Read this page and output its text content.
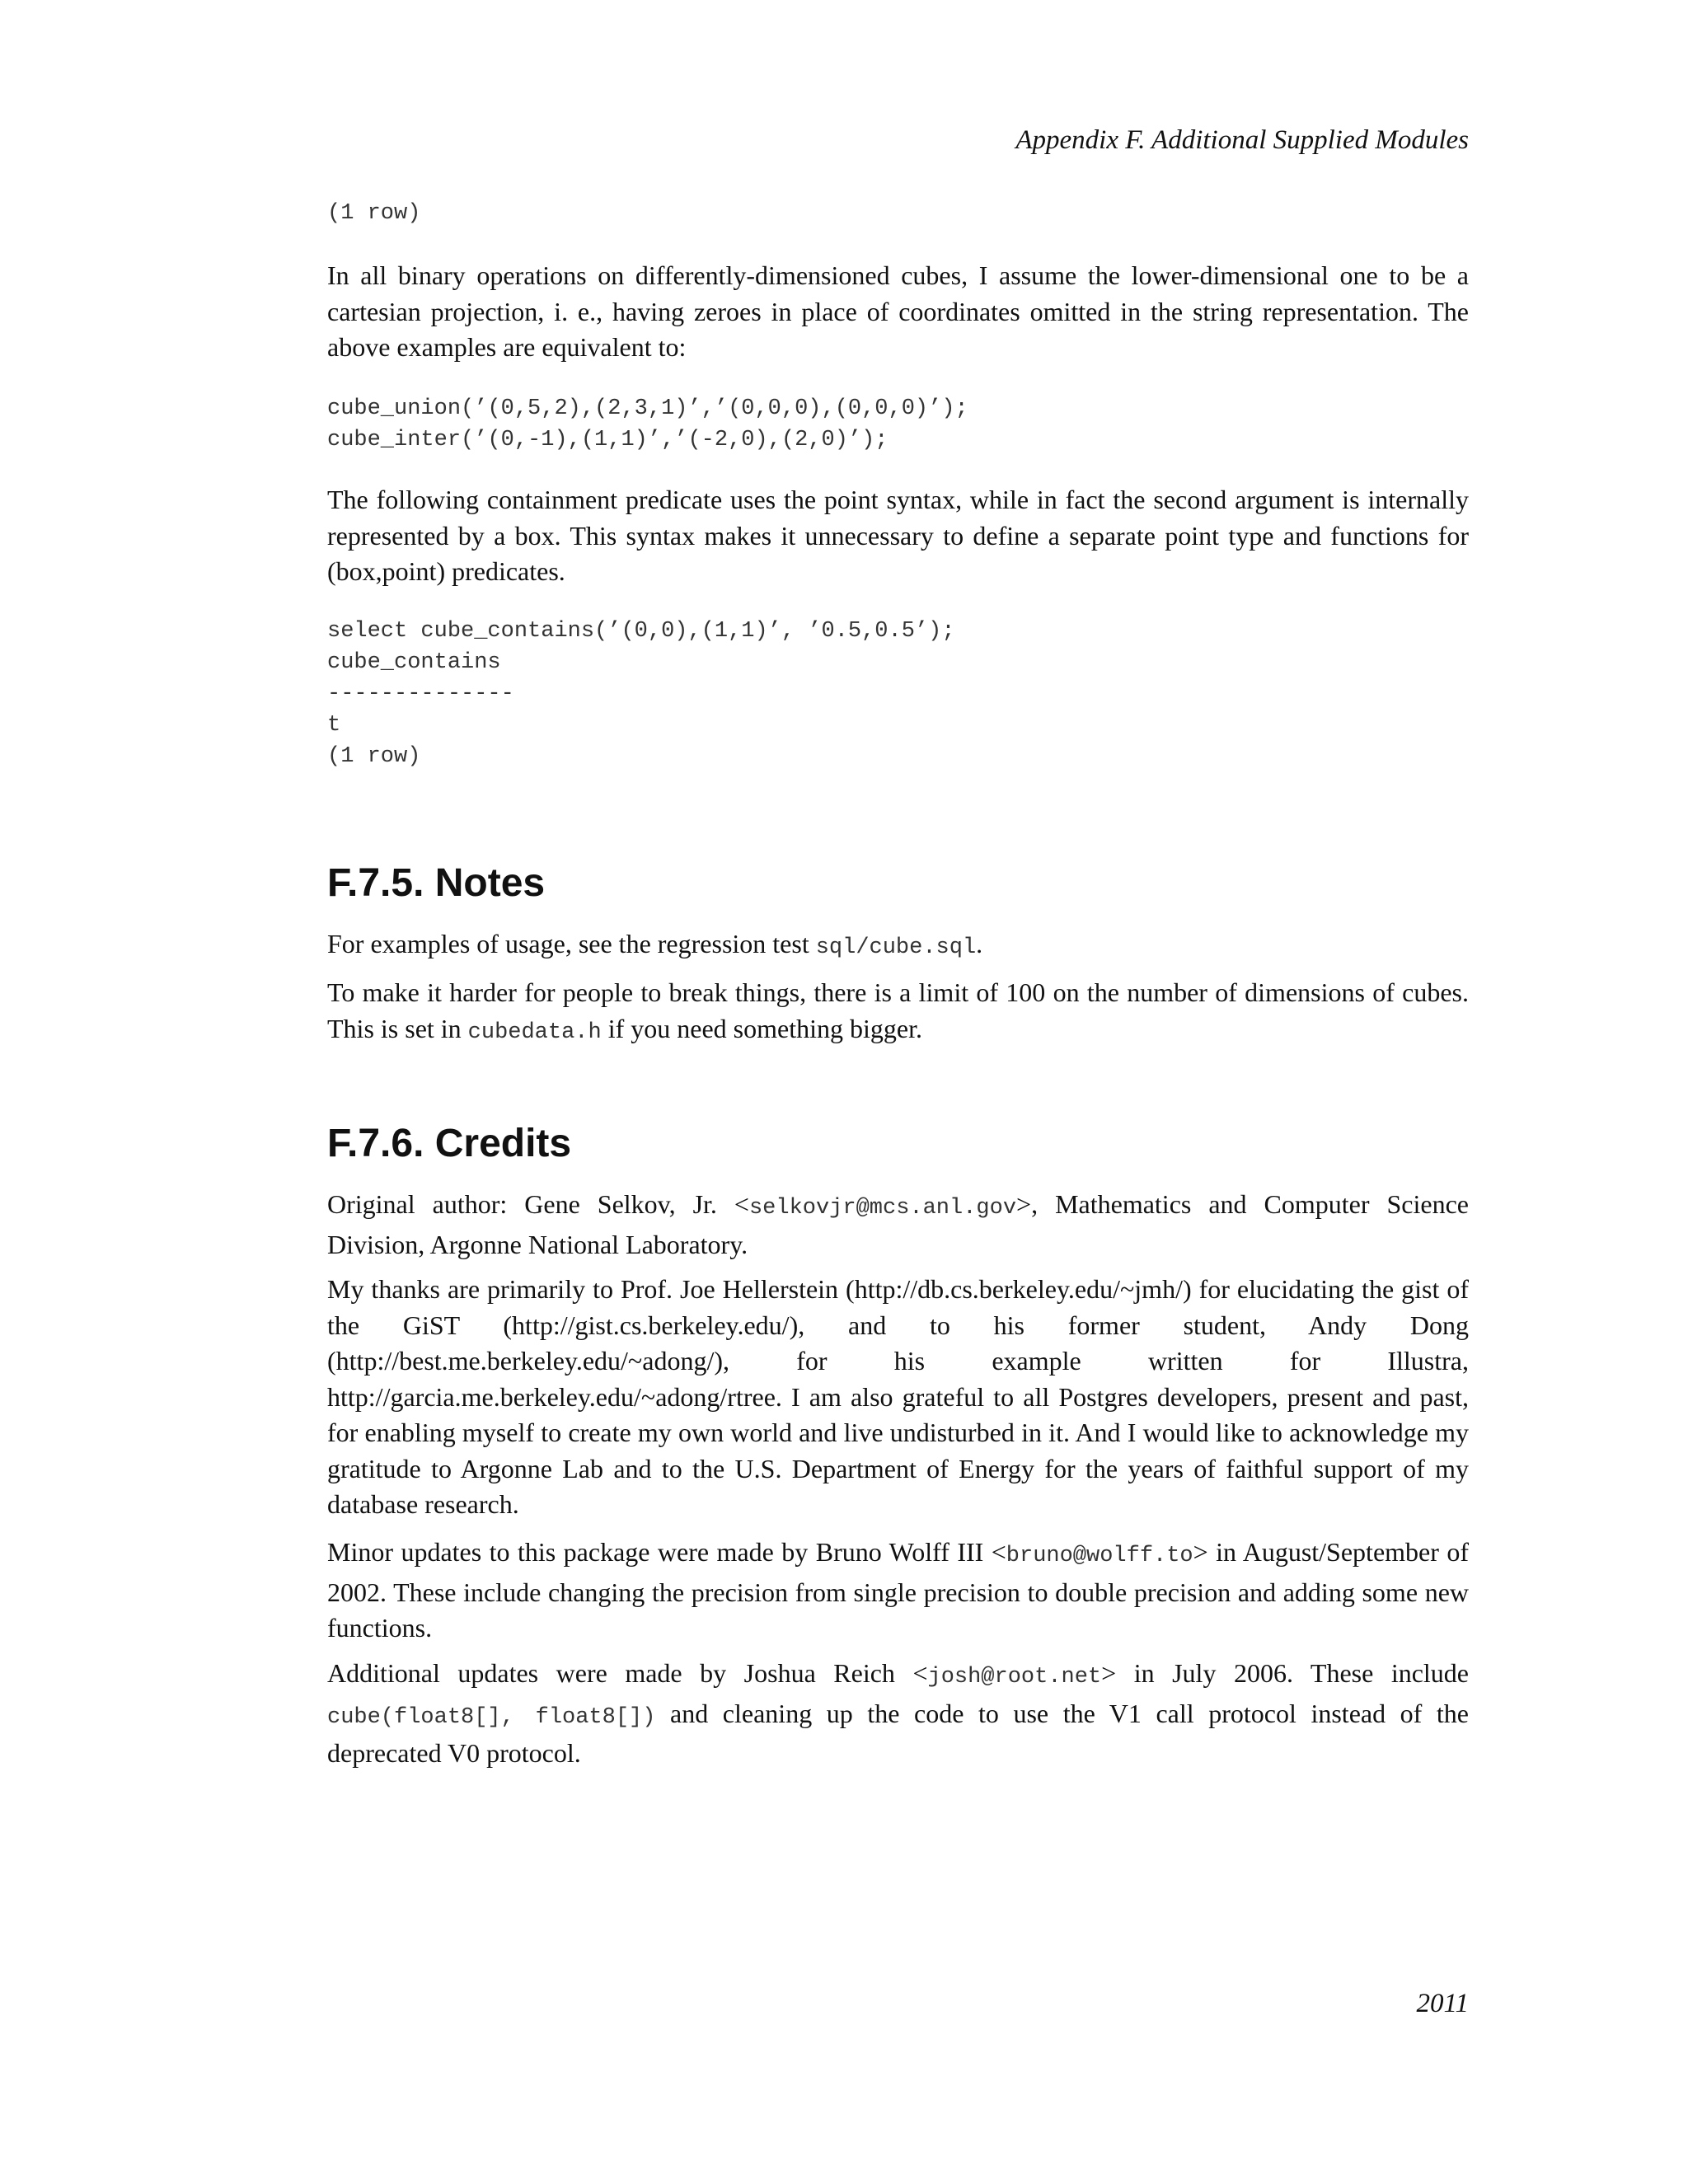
Appendix F. Additional Supplied Modules
(1 row)

In all binary operations on differently-dimensioned cubes, I assume the lower-dimensional one to be a cartesian projection, i. e., having zeroes in place of coordinates omitted in the string representation. The above examples are equivalent to:

cube_union(’(0,5,2),(2,3,1)’,’(0,0,0),(0,0,0)’);
cube_inter(’(0,-1),(1,1)’,’(-2,0),(2,0)’);

The following containment predicate uses the point syntax, while in fact the second argument is internally represented by a box. This syntax makes it unnecessary to define a separate point type and functions for (box,point) predicates.

select cube_contains(’(0,0),(1,1)’, ’0.5,0.5’);
cube_contains
--------------
t
(1 row)
F.7.5. Notes

For examples of usage, see the regression test sql/cube.sql.

To make it harder for people to break things, there is a limit of 100 on the number of dimensions of cubes. This is set in cubedata.h if you need something bigger.

F.7.6. Credits

Original author: Gene Selkov, Jr. <selkovjr@mcs.anl.gov>, Mathematics and Computer Science Division, Argonne National Laboratory.

My thanks are primarily to Prof. Joe Hellerstein (http://db.cs.berkeley.edu/~jmh/) for elucidating the gist of the GiST (http://gist.cs.berkeley.edu/), and to his former student, Andy Dong (http://best.me.berkeley.edu/~adong/), for his example written for Illustra, http://garcia.me.berkeley.edu/~adong/rtree. I am also grateful to all Postgres developers, present and past, for enabling myself to create my own world and live undisturbed in it. And I would like to acknowledge my gratitude to Argonne Lab and to the U.S. Department of Energy for the years of faithful support of my database research.

Minor updates to this package were made by Bruno Wolff III <bruno@wolff.to> in August/September of 2002. These include changing the precision from single precision to double precision and adding some new functions.

Additional updates were made by Joshua Reich <josh@root.net> in July 2006. These include cube(float8[], float8[]) and cleaning up the code to use the V1 call protocol instead of the deprecated V0 protocol.

2011
